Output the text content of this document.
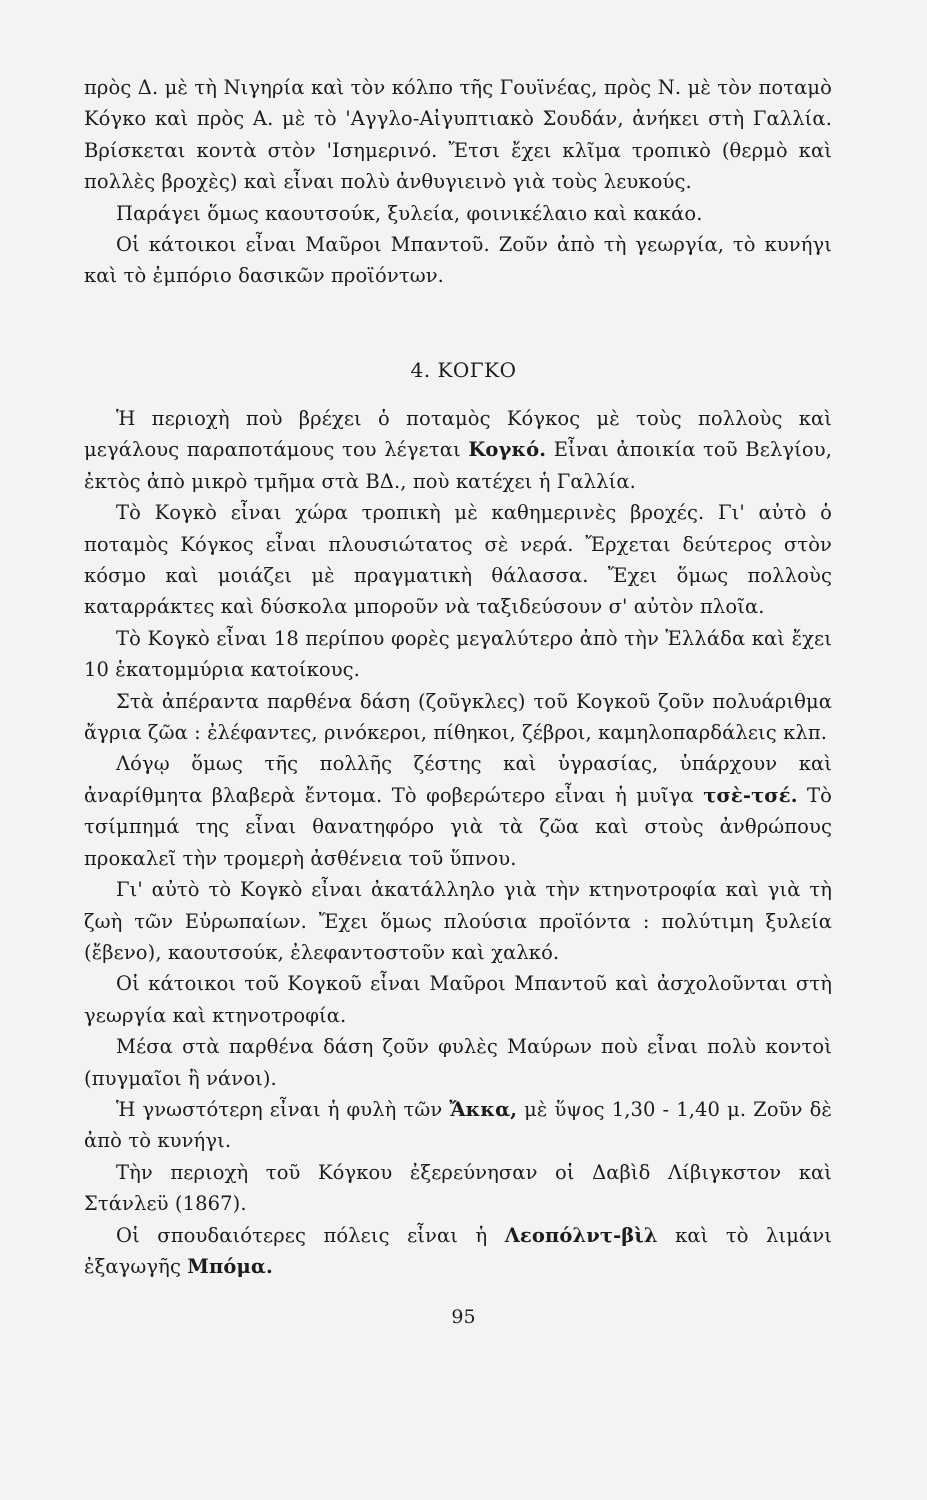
πρὸς Δ. μὲ τὴ Νιγηρία καὶ τὸν κόλπο τῆς Γουϊνέας, πρὸς Ν. μὲ τὸν ποταμὸ Κόγκο καὶ πρὸς Α. μὲ τὸ 'Αγγλο-Αἰγυπτιακὸ Σουδάν, ἀνήκει στὴ Γαλλία. Βρίσκεται κοντὰ στὸν 'Ισημερινό. Ἔτσι ἔχει κλῖμα τροπικὸ (θερμὸ καὶ πολλὲς βροχὲς) καὶ εἶναι πολὺ ἀνθυγιεινὸ γιὰ τοὺς λευκούς.

Παράγει ὅμως καουτσούκ, ξυλεία, φοινικέλαιο καὶ κακάο.

Οἱ κάτοικοι εἶναι Μαῦροι Μπαντοῦ. Ζοῦν ἀπὸ τὴ γεωργία, τὸ κυνήγι καὶ τὸ ἐμπόριο δασικῶν προϊόντων.

4. ΚΟΓΚΟ

Ἡ περιοχὴ ποὺ βρέχει ὁ ποταμὸς Κόγκος μὲ τοὺς πολλοὺς καὶ μεγάλους παραποτάμους του λέγεται Κογκό. Εἶναι ἀποικία τοῦ Βελγίου, ἐκτὸς ἀπὸ μικρὸ τμῆμα στὰ ΒΔ., ποὺ κατέχει ἡ Γαλλία.

Τὸ Κογκὸ εἶναι χώρα τροπικὴ μὲ καθημερινὲς βροχές. Γι' αὐτὸ ὁ ποταμὸς Κόγκος εἶναι πλουσιώτατος σὲ νερά. Ἔρχεται δεύτερος στὸν κόσμο καὶ μοιάζει μὲ πραγματικὴ θάλασσα. Ἔχει ὅμως πολλοὺς καταρράκτες καὶ δύσκολα μποροῦν νὰ ταξιδεύσουν σ' αὐτὸν πλοῖα.

Τὸ Κογκὸ εἶναι 18 περίπου φορὲς μεγαλύτερο ἀπὸ τὴν Ἑλλάδα καὶ ἔχει 10 ἑκατομμύρια κατοίκους.

Στὰ ἀπέραντα παρθένα δάση (ζοῦγκλες) τοῦ Κογκοῦ ζοῦν πολυάριθμα ἄγρια ζῶα : ἐλέφαντες, ρινόκεροι, πίθηκοι, ζέβροι, καμηλοπαρδάλεις κλπ.

Λόγῳ ὅμως τῆς πολλῆς ζέστης καὶ ὑγρασίας, ὑπάρχουν καὶ ἀναρίθμητα βλαβερὰ ἔντομα. Τὸ φοβερώτερο εἶναι ἡ μυῖγα τσὲ-τσέ. Τὸ τσίμπημά της εἶναι θανατηφόρο γιὰ τὰ ζῶα καὶ στοὺς ἀνθρώπους προκαλεῖ τὴν τρομερὴ ἀσθένεια τοῦ ὕπνου.

Γι' αὐτὸ τὸ Κογκὸ εἶναι ἀκατάλληλο γιὰ τὴν κτηνοτροφία καὶ γιὰ τὴ ζωὴ τῶν Εὐρωπαίων. Ἔχει ὅμως πλούσια προϊόντα : πολύτιμη ξυλεία (ἔβενο), καουτσούκ, ἐλεφαντοστοῦν καὶ χαλκό.

Οἱ κάτοικοι τοῦ Κογκοῦ εἶναι Μαῦροι Μπαντοῦ καὶ ἀσχολοῦνται στὴ γεωργία καὶ κτηνοτροφία.

Μέσα στὰ παρθένα δάση ζοῦν φυλὲς Μαύρων ποὺ εἶναι πολὺ κοντοὶ (πυγμαῖοι ἢ νάνοι).

Ἡ γνωστότερη εἶναι ἡ φυλὴ τῶν Ἄκκα, μὲ ὕψος 1,30 - 1,40 μ. Ζοῦν δὲ ἀπὸ τὸ κυνήγι.

Τὴν περιοχὴ τοῦ Κόγκου ἐξερεύνησαν οἱ Δαβὶδ Λίβιγκστον καὶ Στάνλεϋ (1867).

Οἱ σπουδαιότερες πόλεις εἶναι ἡ Λεοπόλντ-βὶλ καὶ τὸ λιμάνι ἐξαγωγῆς Μπόμα.

95
